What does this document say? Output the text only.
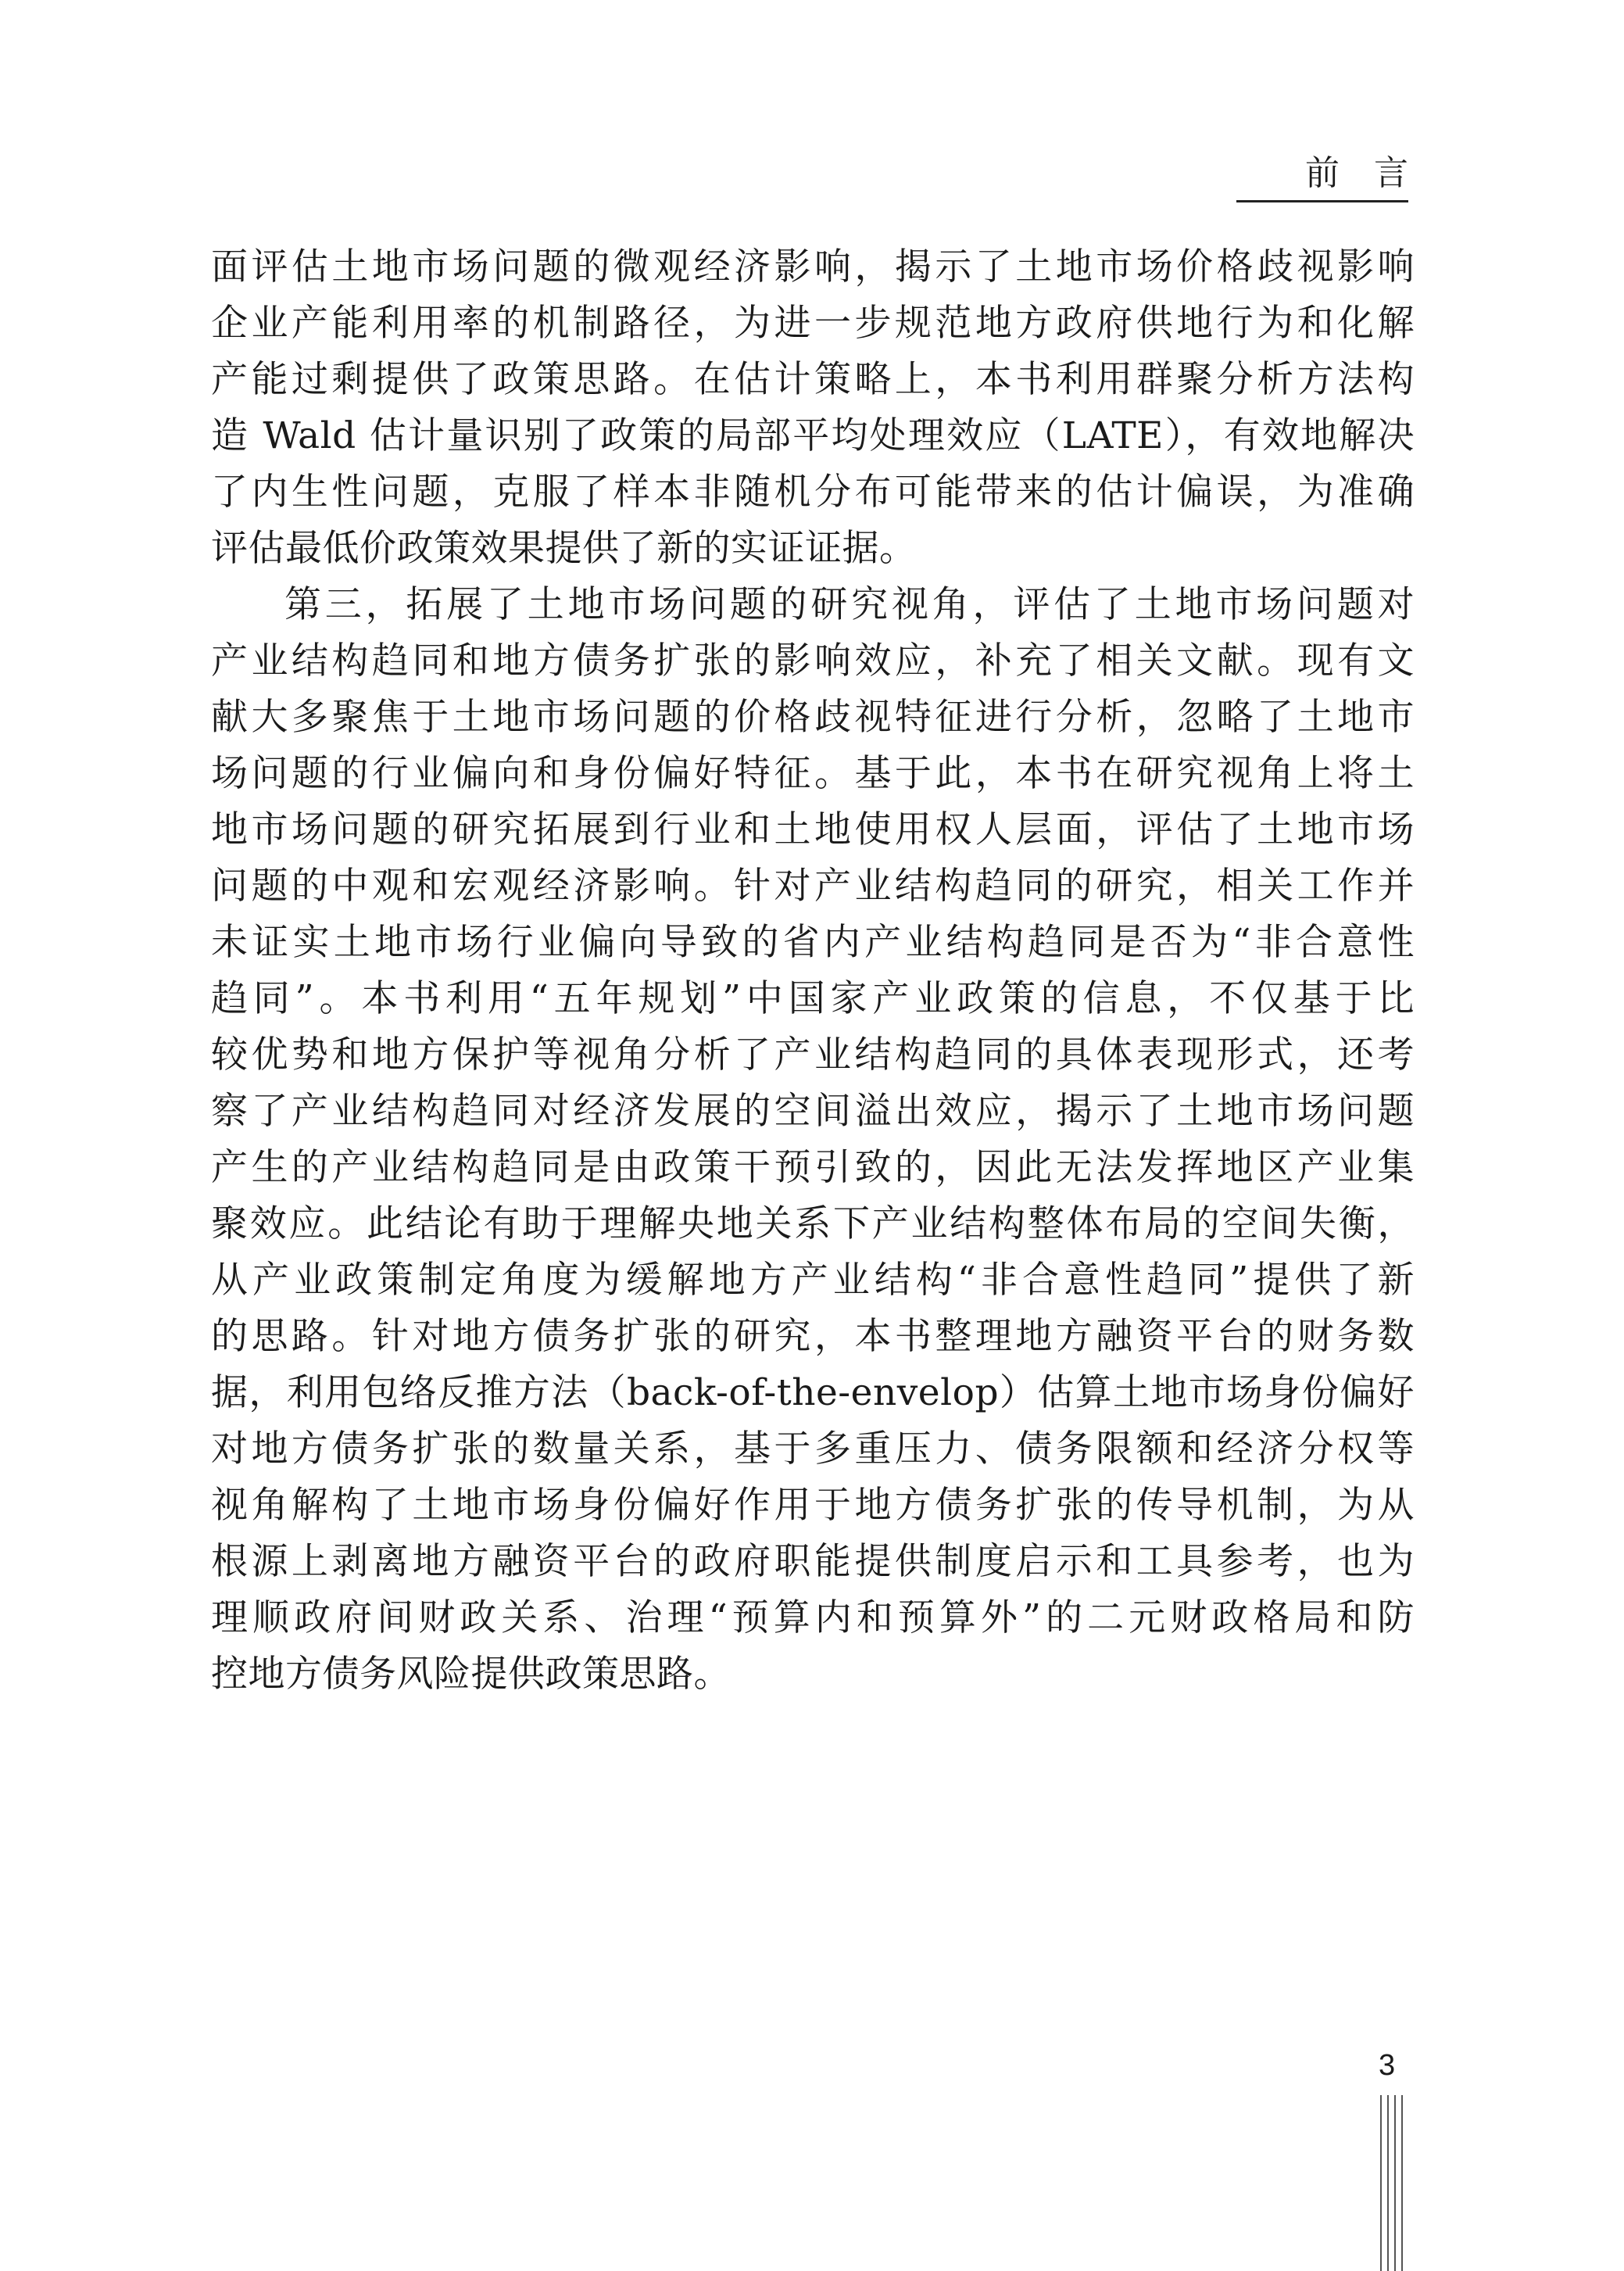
前言
面评估土地市场问题的微观经济影响，揭示了土地市场价格歧视影响
企业产能利用率的机制路径，为进一步规范地方政府供地行为和化解
产能过剩提供了政策思路。在估计策略上，本书利用群聚分析方法构
造 Wald 估计量识别了政策的局部平均处理效应（LATE），有效地解决
了内生性问题，克服了样本非随机分布可能带来的估计偏误，为准确
评估最低价政策效果提供了新的实证证据。
第三，拓展了土地市场问题的研究视角，评估了土地市场问题对
产业结构趋同和地方债务扩张的影响效应，补充了相关文献。现有文
献大多聚焦于土地市场问题的价格歧视特征进行分析，忽略了土地市
场问题的行业偏向和身份偏好特征。基于此，本书在研究视角上将土
地市场问题的研究拓展到行业和土地使用权人层面，评估了土地市场
问题的中观和宏观经济影响。针对产业结构趋同的研究，相关工作并
未证实土地市场行业偏向导致的省内产业结构趋同是否为“非合意性
趋同”。本书利用“五年规划”中国家产业政策的信息，不仅基于比
较优势和地方保护等视角分析了产业结构趋同的具体表现形式，还考
察了产业结构趋同对经济发展的空间溢出效应，揭示了土地市场问题
产生的产业结构趋同是由政策干预引致的，因此无法发挥地区产业集
聚效应。此结论有助于理解央地关系下产业结构整体布局的空间失衡，
从产业政策制定角度为缓解地方产业结构“非合意性趋同”提供了新
的思路。针对地方债务扩张的研究，本书整理地方融资平台的财务数
据，利用包络反推方法（back-of-the-envelop）估算土地市场身份偏好
对地方债务扩张的数量关系，基于多重压力、债务限额和经济分权等
视角解构了土地市场身份偏好作用于地方债务扩张的传导机制，为从
根源上剥离地方融资平台的政府职能提供制度启示和工具参考，也为
理顺政府间财政关系、治理“预算内和预算外”的二元财政格局和防
控地方债务风险提供政策思路。
3
